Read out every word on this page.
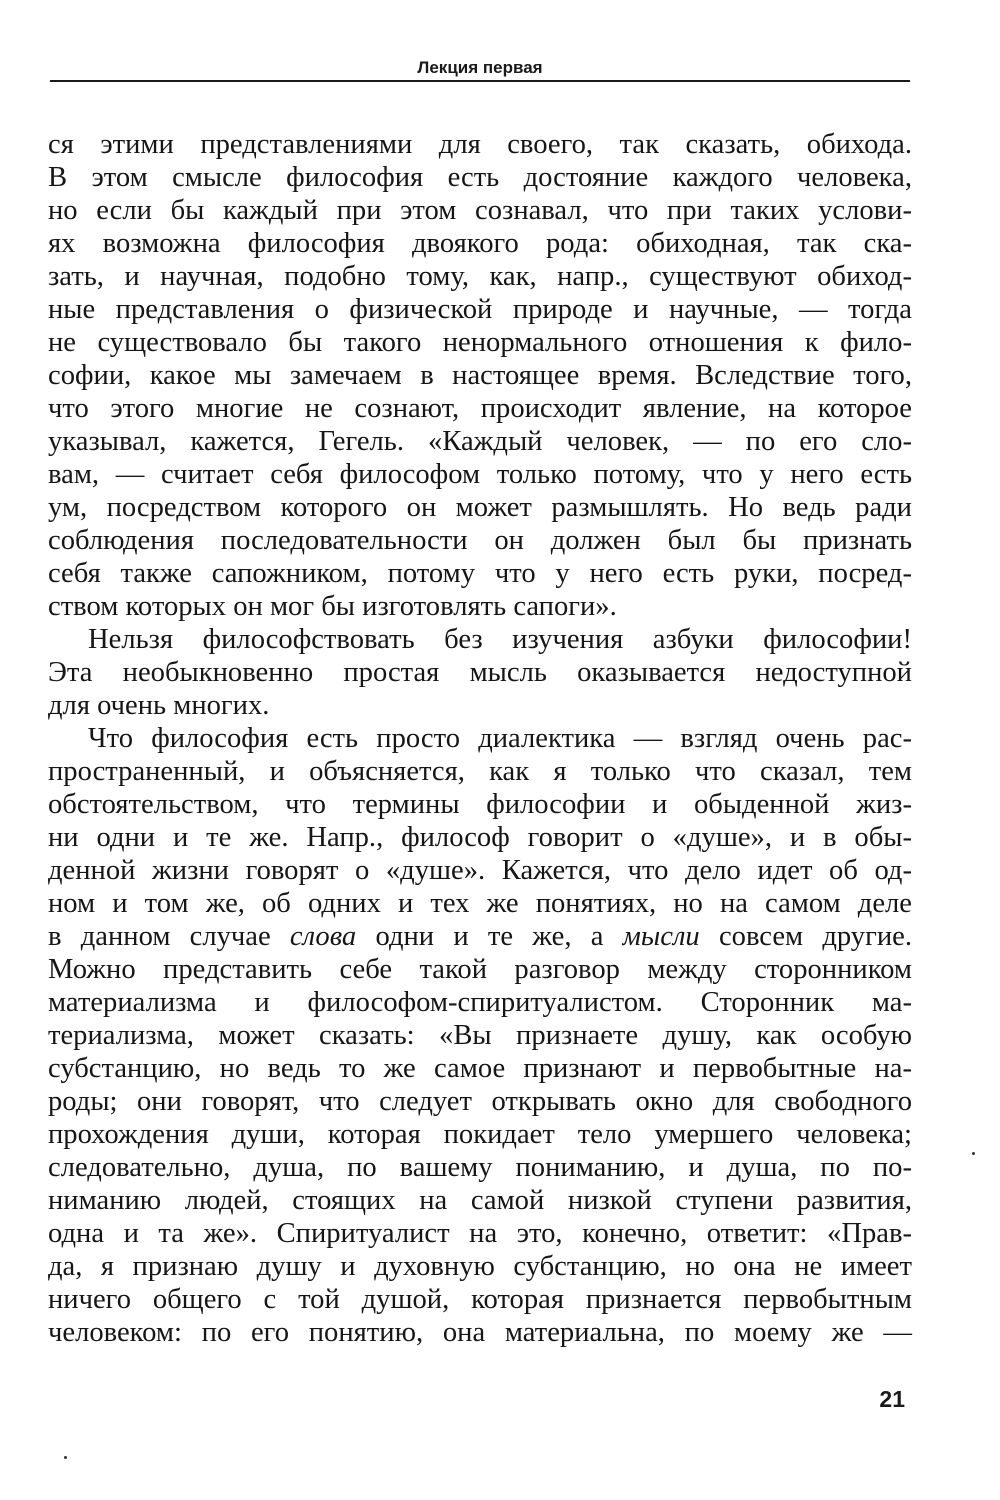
Лекция первая
ся этими представлениями для своего, так сказать, обихода.
В этом смысле философия есть достояние каждого человека,
но если бы каждый при этом сознавал, что при таких услови-
ях возможна философия двоякого рода: обиходная, так ска-
зать, и научная, подобно тому, как, напр., существуют обиход-
ные представления о физической природе и научные, — тогда
не существовало бы такого ненормального отношения к фило-
софии, какое мы замечаем в настоящее время. Вследствие того,
что этого многие не сознают, происходит явление, на которое
указывал, кажется, Гегель. «Каждый человек, — по его сло-
вам, — считает себя философом только потому, что у него есть
ум, посредством которого он может размышлять. Но ведь ради
соблюдения последовательности он должен был бы признать
себя также сапожником, потому что у него есть руки, посред-
ством которых он мог бы изготовлять сапоги».
Нельзя философствовать без изучения азбуки философии!
Эта необыкновенно простая мысль оказывается недоступной
для очень многих.
Что философия есть просто диалектика — взгляд очень рас-
пространенный, и объясняется, как я только что сказал, тем
обстоятельством, что термины философии и обыденной жиз-
ни одни и те же. Напр., философ говорит о «душе», и в обы-
денной жизни говорят о «душе». Кажется, что дело идет об од-
ном и том же, об одних и тех же понятиях, но на самом деле
в данном случае слова одни и те же, а мысли совсем другие.
Можно представить себе такой разговор между сторонником
материализма и философом-спиритуалистом. Сторонник ма-
териализма, может сказать: «Вы признаете душу, как особую
субстанцию, но ведь то же самое признают и первобытные на-
роды; они говорят, что следует открывать окно для свободного
прохождения души, которая покидает тело умершего человека;
следовательно, душа, по вашему пониманию, и душа, по по-
ниманию людей, стоящих на самой низкой ступени развития,
одна и та же». Спиритуалист на это, конечно, ответит: «Прав-
да, я признаю душу и духовную субстанцию, но она не имеет
ничего общего с той душой, которая признается первобытным
человеком: по его понятию, она материальна, по моему же —
21
